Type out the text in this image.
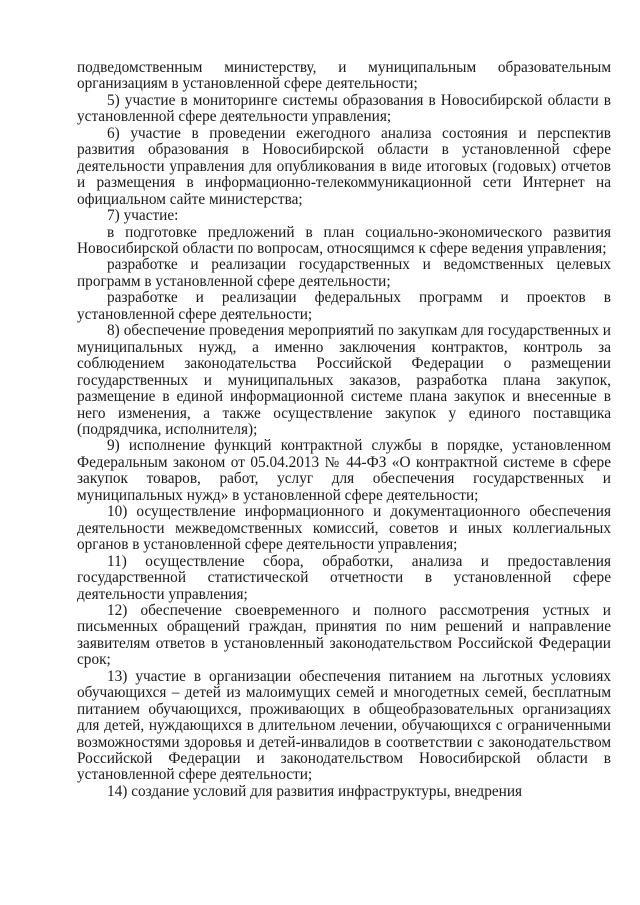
подведомственным министерству, и муниципальным образовательным организациям в установленной сфере деятельности;

5) участие в мониторинге системы образования в Новосибирской области в установленной сфере деятельности управления;

6) участие в проведении ежегодного анализа состояния и перспектив развития образования в Новосибирской области в установленной сфере деятельности управления для опубликования в виде итоговых (годовых) отчетов и размещения в информационно-телекоммуникационной сети Интернет на официальном сайте министерства;

7) участие:

в подготовке предложений в план социально-экономического развития Новосибирской области по вопросам, относящимся к сфере ведения управления;

разработке и реализации государственных и ведомственных целевых программ в установленной сфере деятельности;

разработке и реализации федеральных программ и проектов в установленной сфере деятельности;

8) обеспечение проведения мероприятий по закупкам для государственных и муниципальных нужд, а именно заключения контрактов, контроль за соблюдением законодательства Российской Федерации о размещении государственных и муниципальных заказов, разработка плана закупок, размещение в единой информационной системе плана закупок и внесенные в него изменения, а также осуществление закупок у единого поставщика (подрядчика, исполнителя);

9) исполнение функций контрактной службы в порядке, установленном Федеральным законом от 05.04.2013 № 44-ФЗ «О контрактной системе в сфере закупок товаров, работ, услуг для обеспечения государственных и муниципальных нужд» в установленной сфере деятельности;

10) осуществление информационного и документационного обеспечения деятельности межведомственных комиссий, советов и иных коллегиальных органов в установленной сфере деятельности управления;

11) осуществление сбора, обработки, анализа и предоставления государственной статистической отчетности в установленной сфере деятельности управления;

12) обеспечение своевременного и полного рассмотрения устных и письменных обращений граждан, принятия по ним решений и направление заявителям ответов в установленный законодательством Российской Федерации срок;

13) участие в организации обеспечения питанием на льготных условиях обучающихся – детей из малоимущих семей и многодетных семей, бесплатным питанием обучающихся, проживающих в общеобразовательных организациях для детей, нуждающихся в длительном лечении, обучающихся с ограниченными возможностями здоровья и детей-инвалидов в соответствии с законодательством Российской Федерации и законодательством Новосибирской области в установленной сфере деятельности;

14) создание условий для развития инфраструктуры, внедрения
